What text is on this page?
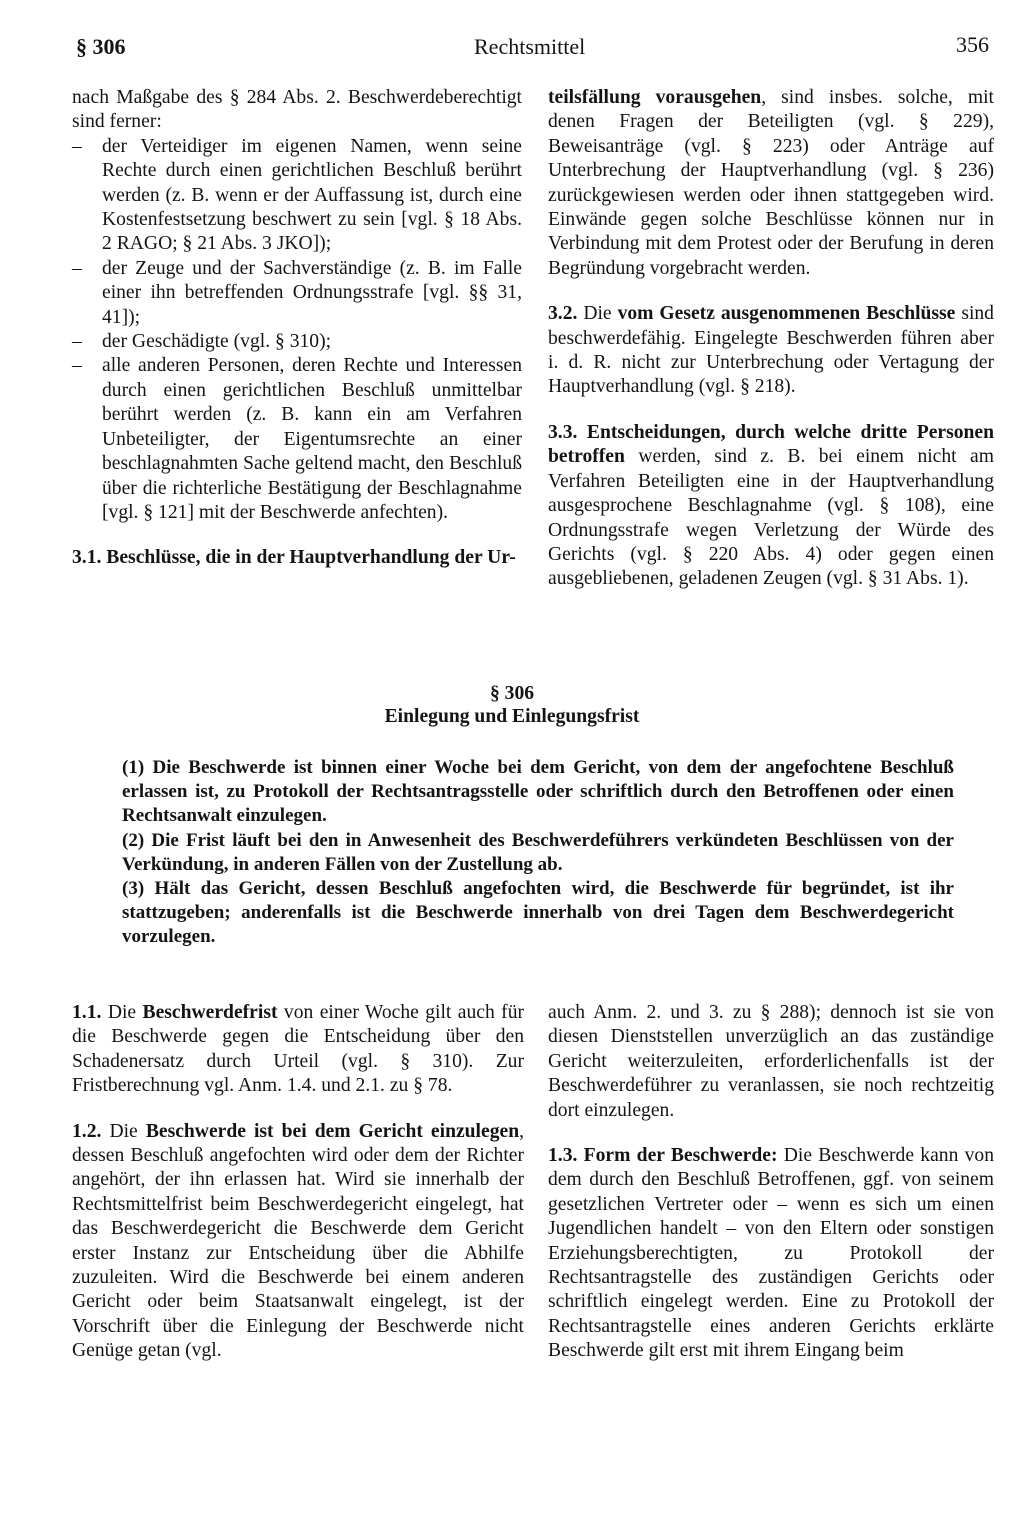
§ 306	Rechtsmittel	356

nach Maßgabe des § 284 Abs. 2. Beschwerdeberechtigt sind ferner:

– der Verteidiger im eigenen Namen, wenn seine Rechte durch einen gerichtlichen Beschluß berührt werden (z. B. wenn er der Auffassung ist, durch eine Kostenfestsetzung beschwert zu sein [vgl. § 18 Abs. 2 RAGO; § 21 Abs. 3 JKO]);
– der Zeuge und der Sachverständige (z. B. im Falle einer ihn betreffenden Ordnungsstrafe [vgl. §§ 31, 41]);
– der Geschädigte (vgl. § 310);
– alle anderen Personen, deren Rechte und Interessen durch einen gerichtlichen Beschluß unmittelbar berührt werden (z. B. kann ein am Verfahren Unbeteiligter, der Eigentumsrechte an einer beschlagnahmten Sache geltend macht, den Beschluß über die richterliche Bestätigung der Beschlagnahme [vgl. § 121] mit der Beschwerde anfechten).

3.1. Beschlüsse, die in der Hauptverhandlung der Ur-

teilsfällung vorausgehen, sind insbes. solche, mit denen Fragen der Beteiligten (vgl. § 229), Beweisanträge (vgl. § 223) oder Anträge auf Unterbrechung der Hauptverhandlung (vgl. § 236) zurückgewiesen werden oder ihnen stattgegeben wird. Einwände gegen solche Beschlüsse können nur in Verbindung mit dem Protest oder der Berufung in deren Begründung vorgebracht werden.

3.2. Die vom Gesetz ausgenommenen Beschlüsse sind beschwerdefähig. Eingelegte Beschwerden führen aber i. d. R. nicht zur Unterbrechung oder Vertagung der Hauptverhandlung (vgl. § 218).

3.3. Entscheidungen, durch welche dritte Personen betroffen werden, sind z. B. bei einem nicht am Verfahren Beteiligten eine in der Hauptverhandlung ausgesprochene Beschlagnahme (vgl. § 108), eine Ordnungsstrafe wegen Verletzung der Würde des Gerichts (vgl. § 220 Abs. 4) oder gegen einen ausgebliebenen, geladenen Zeugen (vgl. § 31 Abs. 1).

§ 306
Einlegung und Einlegungsfrist

(1) Die Beschwerde ist binnen einer Woche bei dem Gericht, von dem der angefochtene Beschluß erlassen ist, zu Protokoll der Rechtsantragsstelle oder schriftlich durch den Betroffenen oder einen Rechtsanwalt einzulegen.

(2) Die Frist läuft bei den in Anwesenheit des Beschwerdeführers verkündeten Beschlüssen von der Verkündung, in anderen Fällen von der Zustellung ab.

(3) Hält das Gericht, dessen Beschluß angefochten wird, die Beschwerde für begründet, ist ihr stattzugeben; anderenfalls ist die Beschwerde innerhalb von drei Tagen dem Beschwerdegericht vorzulegen.

1.1. Die Beschwerdefrist von einer Woche gilt auch für die Beschwerde gegen die Entscheidung über den Schadenersatz durch Urteil (vgl. § 310). Zur Fristberechnung vgl. Anm. 1.4. und 2.1. zu § 78.

1.2. Die Beschwerde ist bei dem Gericht einzulegen, dessen Beschluß angefochten wird oder dem der Richter angehört, der ihn erlassen hat. Wird sie innerhalb der Rechtsmittelfrist beim Beschwerdegericht eingelegt, hat das Beschwerdegericht die Beschwerde dem Gericht erster Instanz zur Entscheidung über die Abhilfe zuzuleiten. Wird die Beschwerde bei einem anderen Gericht oder beim Staatsanwalt eingelegt, ist der Vorschrift über die Einlegung der Beschwerde nicht Genüge getan (vgl.

auch Anm. 2. und 3. zu § 288); dennoch ist sie von diesen Dienststellen unverzüglich an das zuständige Gericht weiterzuleiten, erforderlichenfalls ist der Beschwerdeführer zu veranlassen, sie noch rechtzeitig dort einzulegen.

1.3. Form der Beschwerde: Die Beschwerde kann von dem durch den Beschluß Betroffenen, ggf. von seinem gesetzlichen Vertreter oder – wenn es sich um einen Jugendlichen handelt – von den Eltern oder sonstigen Erziehungsberechtigten, zu Protokoll der Rechtsantragstelle des zuständigen Gerichts oder schriftlich eingelegt werden. Eine zu Protokoll der Rechtsantragstelle eines anderen Gerichts erklärte Beschwerde gilt erst mit ihrem Eingang beim
